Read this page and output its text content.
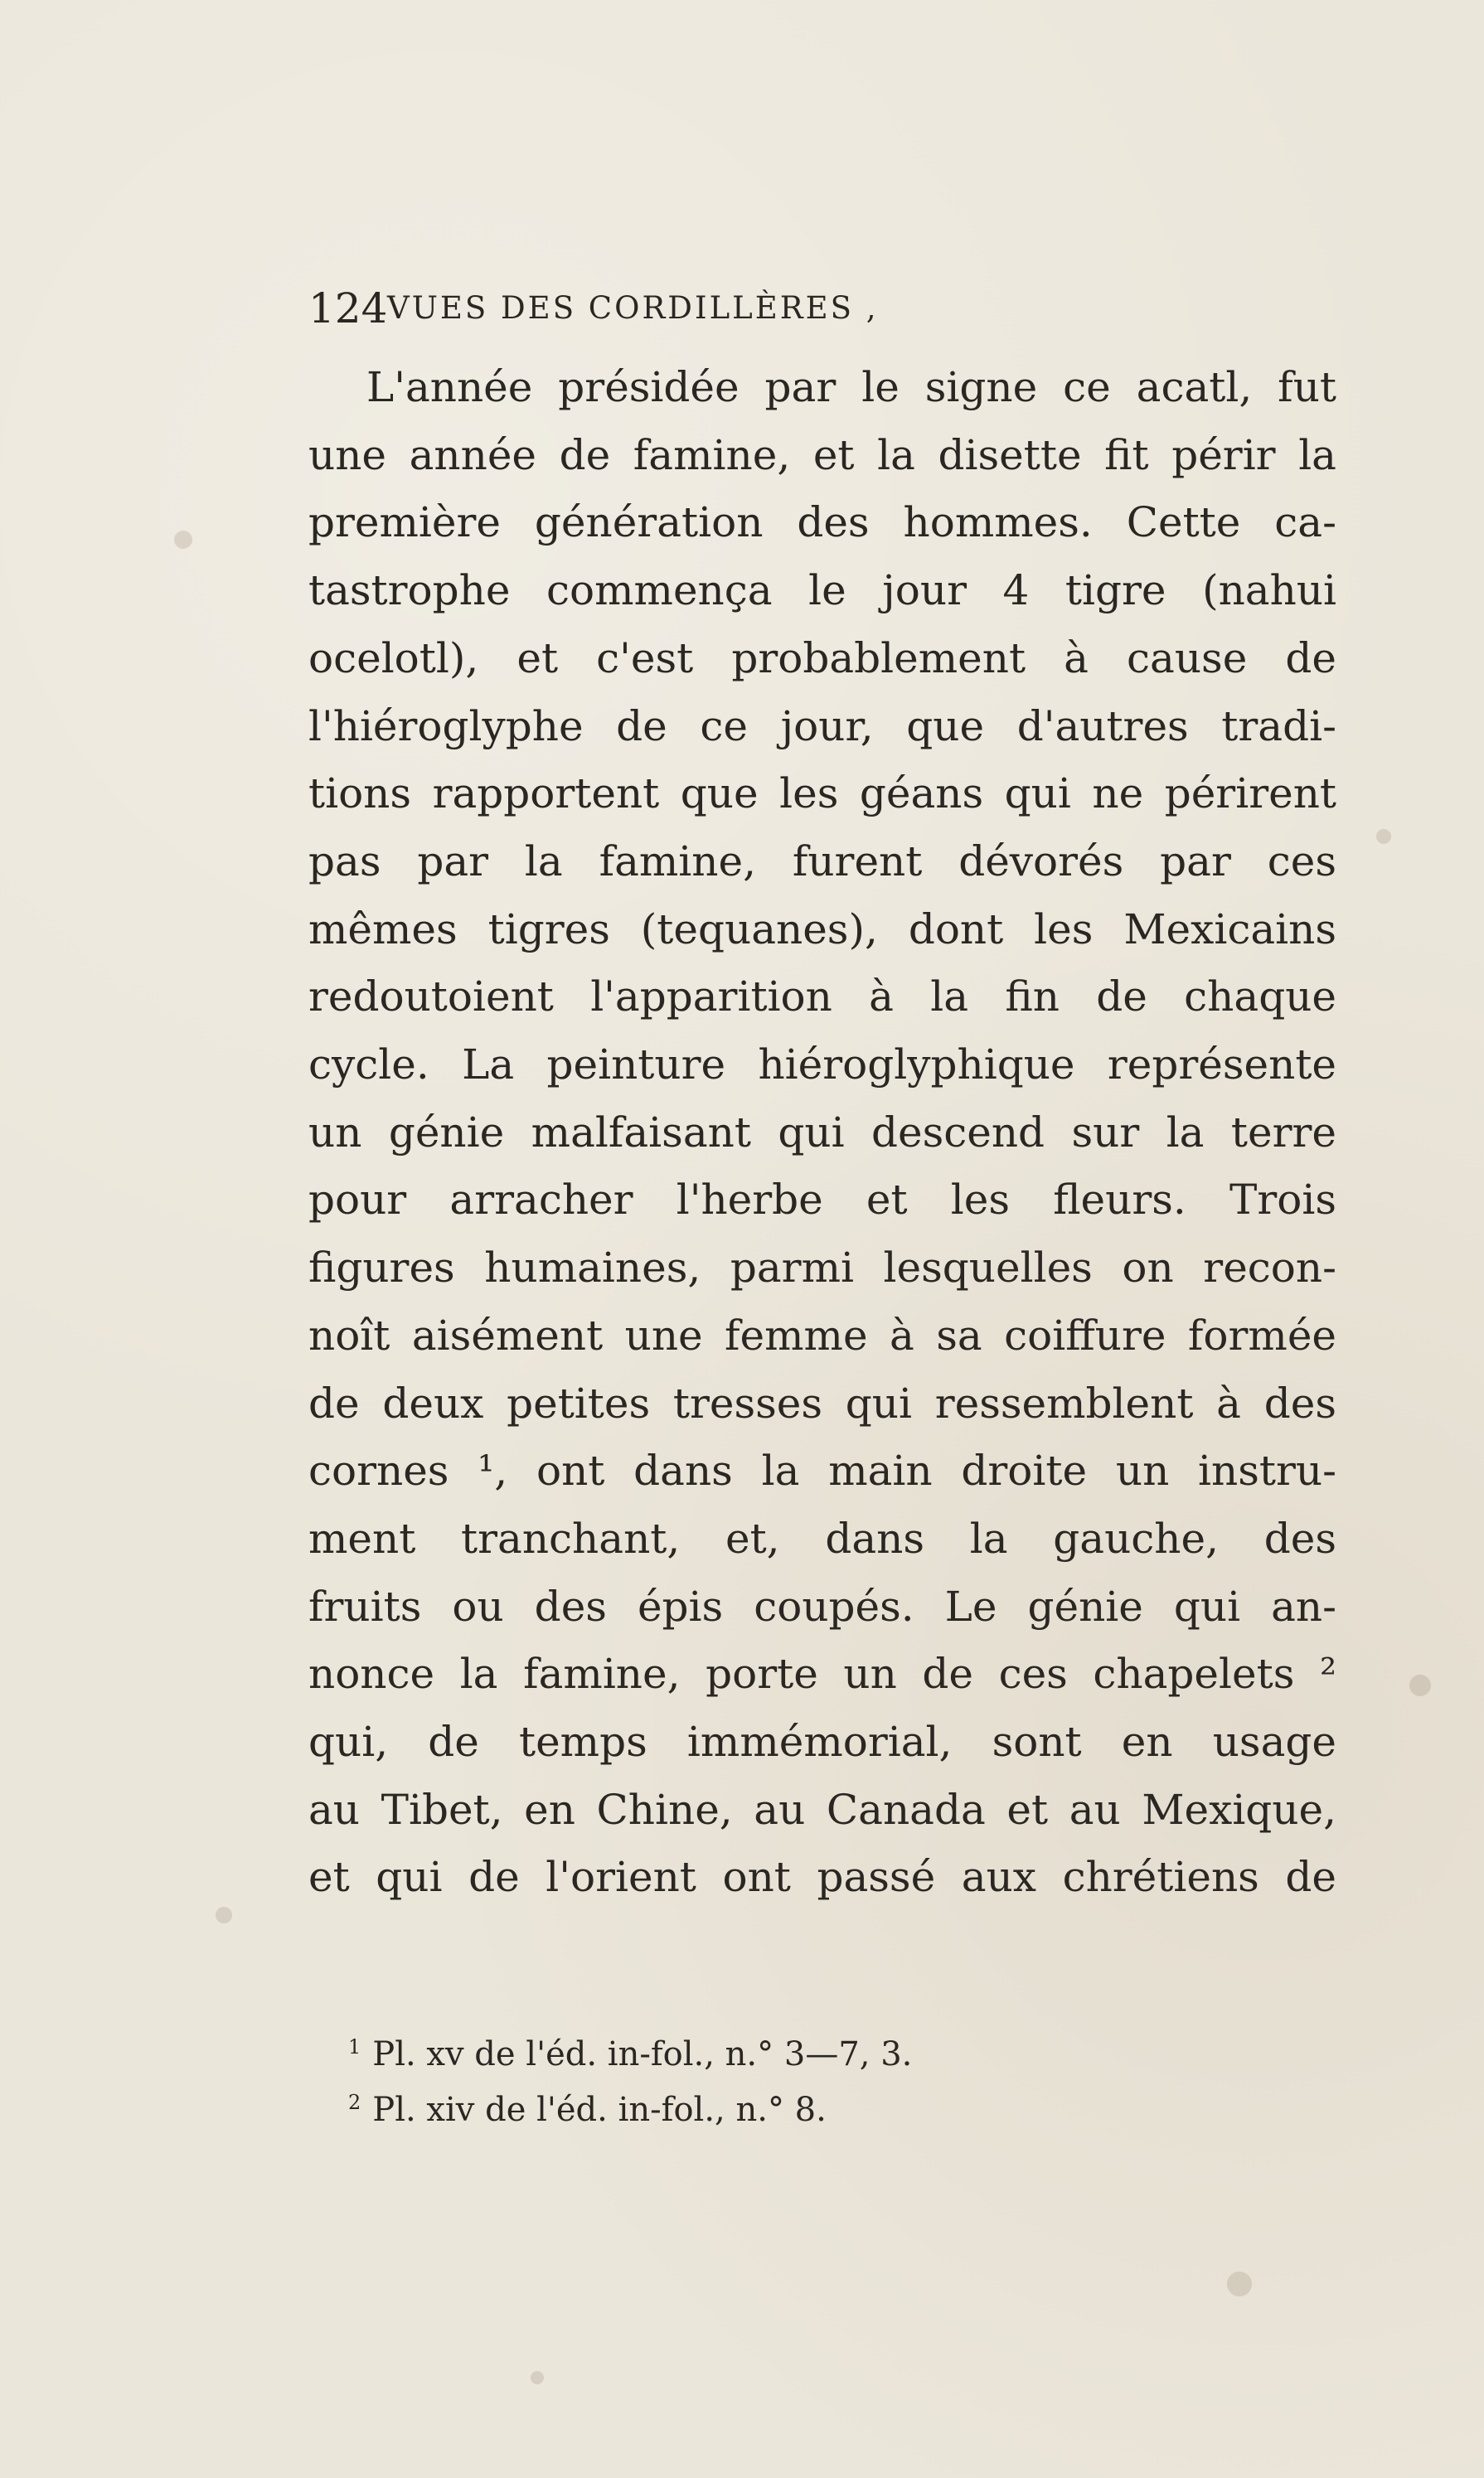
124 VUES DES CORDILLÈRES ,
L'année présidée par le signe ce acatl, fut
une année de famine, et la disette fit périr la
première génération des hommes. Cette ca-
tastrophe commença le jour 4 tigre (nahui
ocelotl), et c'est probablement à cause de
l'hiéroglyphe de ce jour, que d'autres tradi-
tions rapportent que les géans qui ne périrent
pas par la famine, furent dévorés par ces
mêmes tigres (tequanes), dont les Mexicains
redoutoient l'apparition à la fin de chaque
cycle. La peinture hiéroglyphique représente
un génie malfaisant qui descend sur la terre
pour arracher l'herbe et les fleurs. Trois
figures humaines, parmi lesquelles on recon-
noît aisément une femme à sa coiffure formée
de deux petites tresses qui ressemblent à des
cornes ¹, ont dans la main droite un instru-
ment tranchant, et, dans la gauche, des
fruits ou des épis coupés. Le génie qui an-
nonce la famine, porte un de ces chapelets ²
qui, de temps immémorial, sont en usage
au Tibet, en Chine, au Canada et au Mexique,
et qui de l'orient ont passé aux chrétiens de
$^1$ Pl. xv de l'éd. in-fol., n.° 3—7, 3.
$^2$ Pl. xiv de l'éd. in-fol., n.° 8.
